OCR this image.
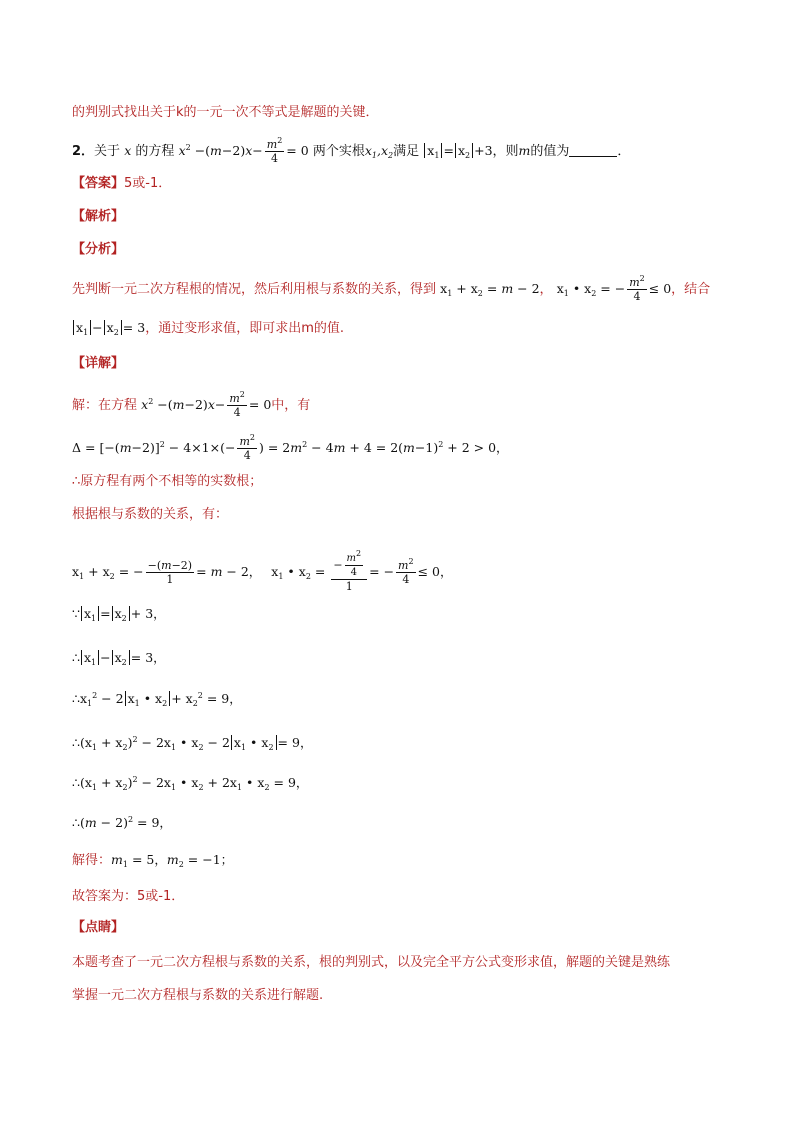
的判别式找出关于k的一元一次不等式是解题的关键．
2．关于 x 的方程 $x^2 -(m-2)x- \frac{m^2}{4} = 0$ 两个实根$x_1,x_2$满足 $x_1 = x_2 +3$，则m的值为	．
【答案】5或-1．
【解析】
【分析】
先判断一元二次方程根的情况，然后利用根与系数的关系，得到 $x_1 + x_2 = m - 2$， $x_1$ • $x_2$ = − $\frac{m^2}{4} \le 0$，结合
$x_1 - x_2 = 3$，通过变形求值，即可求出m的值.
【详解】
解：在方程 $x^2 -(m-2)x- \frac{m^2}{4} = 0$中，有
$\Delta = [-(m-2)]^2 - 4\times 1\times(- \frac{m^2}{4}$ ) = $2m^2 - 4m + 4 = 2(m-1)^2 + 2 > 0$，
∴原方程有两个不相等的实数根；
根据根与系数的关系，有：
$x_1 + x_2$ = − $\frac{-(m-2)}{1} = m - 2$， $x_1$ • $x_2 = \frac{- \frac{m^2}{4}}{1}$ = − $\frac{m^2}{4} \le 0$，
∵ $x_1 = x_2 + 3$，
∴ $x_1 - x_2 = 3$，
$\therefore x_1^2 - 2$ $x_1$ • $x_2 + x_2^2 = 9$，
$\therefore(x_1 + x_2)^2 - 2x_1$ • $x_2 - 2$ $x_1$ • $x_2 = 9$，
$\therefore(x_1 + x_2)^2 - 2x_1$ • $x_2 + 2x_1$ • $x_2 = 9$，
∴(m − 2)$^2$ = 9，
解得：$m_1 = 5$，$m_2 = -1$；
故答案为：5或-1．
【点睛】
本题考查了一元二次方程根与系数的关系，根的判别式，以及完全平方公式变形求值，解题的关键是熟练
掌握一元二次方程根与系数的关系进行解题.
